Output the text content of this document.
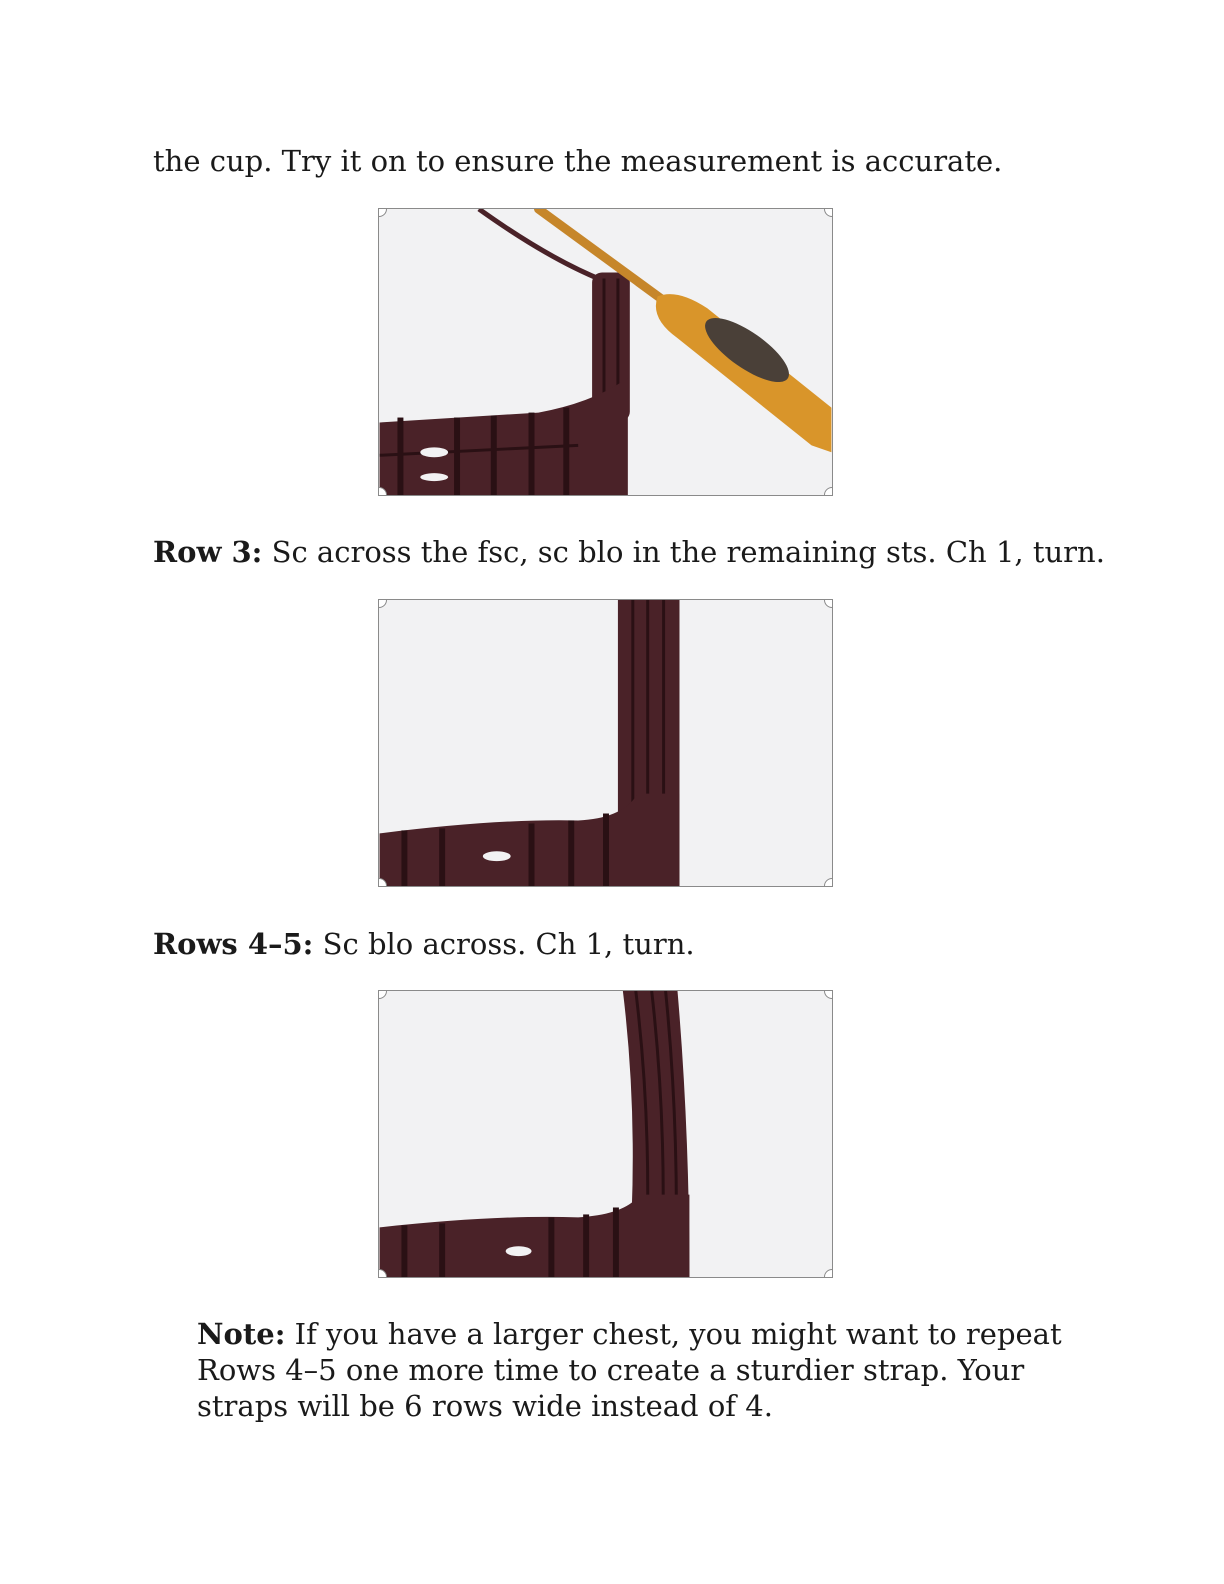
the cup. Try it on to ensure the measurement is accurate.

Row 3: Sc across the fsc, sc blo in the remaining sts. Ch 1, turn.

Rows 4–5: Sc blo across. Ch 1, turn.

Note: If you have a larger chest, you might want to repeat Rows 4–5 one more time to create a sturdier strap. Your straps will be 6 rows wide instead of 4.
